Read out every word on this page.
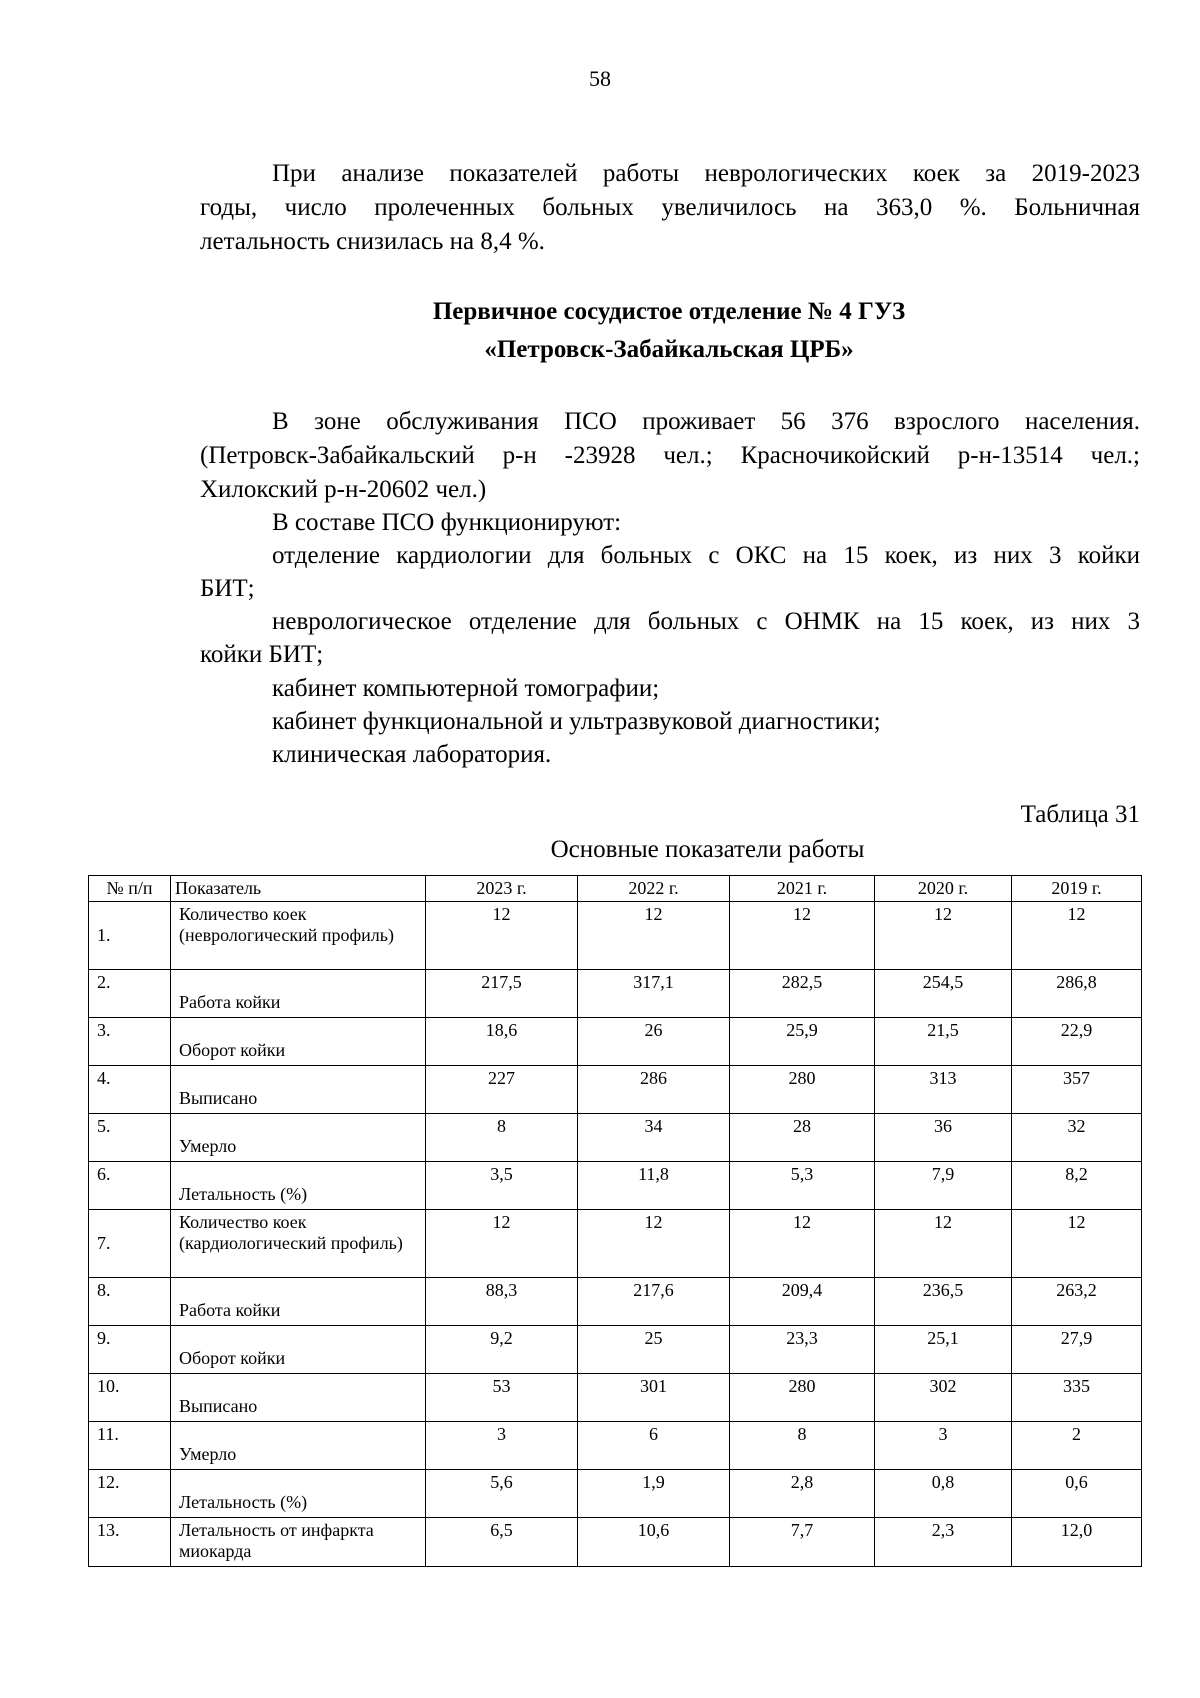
58
При анализе показателей работы неврологических коек за 2019-2023
годы, число пролеченных больных увеличилось на 363,0 %. Больничная
летальность снизилась на 8,4 %.
Первичное сосудистое отделение № 4 ГУЗ
«Петровск-Забайкальская ЦРБ»
В зоне обслуживания ПСО проживает 56 376 взрослого населения.
(Петровск-Забайкальский р-н -23928 чел.; Красночикойский р-н-13514 чел.;
Хилокский р-н-20602 чел.)
В составе ПСО функционируют:
отделение кардиологии для больных с ОКС на 15 коек, из них 3 койки
БИТ;
неврологическое отделение для больных с ОНМК на 15 коек, из них 3
койки БИТ;
кабинет компьютерной томографии;
кабинет функциональной и ультразвуковой диагностики;
клиническая лаборатория.
Таблица 31
Основные показатели работы
№ п/п	Показатель	2023 г.	2022 г.	2021 г.	2020 г.	2019 г.
1.	Количество коек (неврологический профиль)	12	12	12	12	12
2.	Работа койки	217,5	317,1	282,5	254,5	286,8
3.	Оборот койки	18,6	26	25,9	21,5	22,9
4.	Выписано	227	286	280	313	357
5.	Умерло	8	34	28	36	32
6.	Летальность (%)	3,5	11,8	5,3	7,9	8,2
7.	Количество коек (кардиологический профиль)	12	12	12	12	12
8.	Работа койки	88,3	217,6	209,4	236,5	263,2
9.	Оборот койки	9,2	25	23,3	25,1	27,9
10.	Выписано	53	301	280	302	335
11.	Умерло	3	6	8	3	2
12.	Летальность (%)	5,6	1,9	2,8	0,8	0,6
13.	Летальность от инфаркта миокарда	6,5	10,6	7,7	2,3	12,0
